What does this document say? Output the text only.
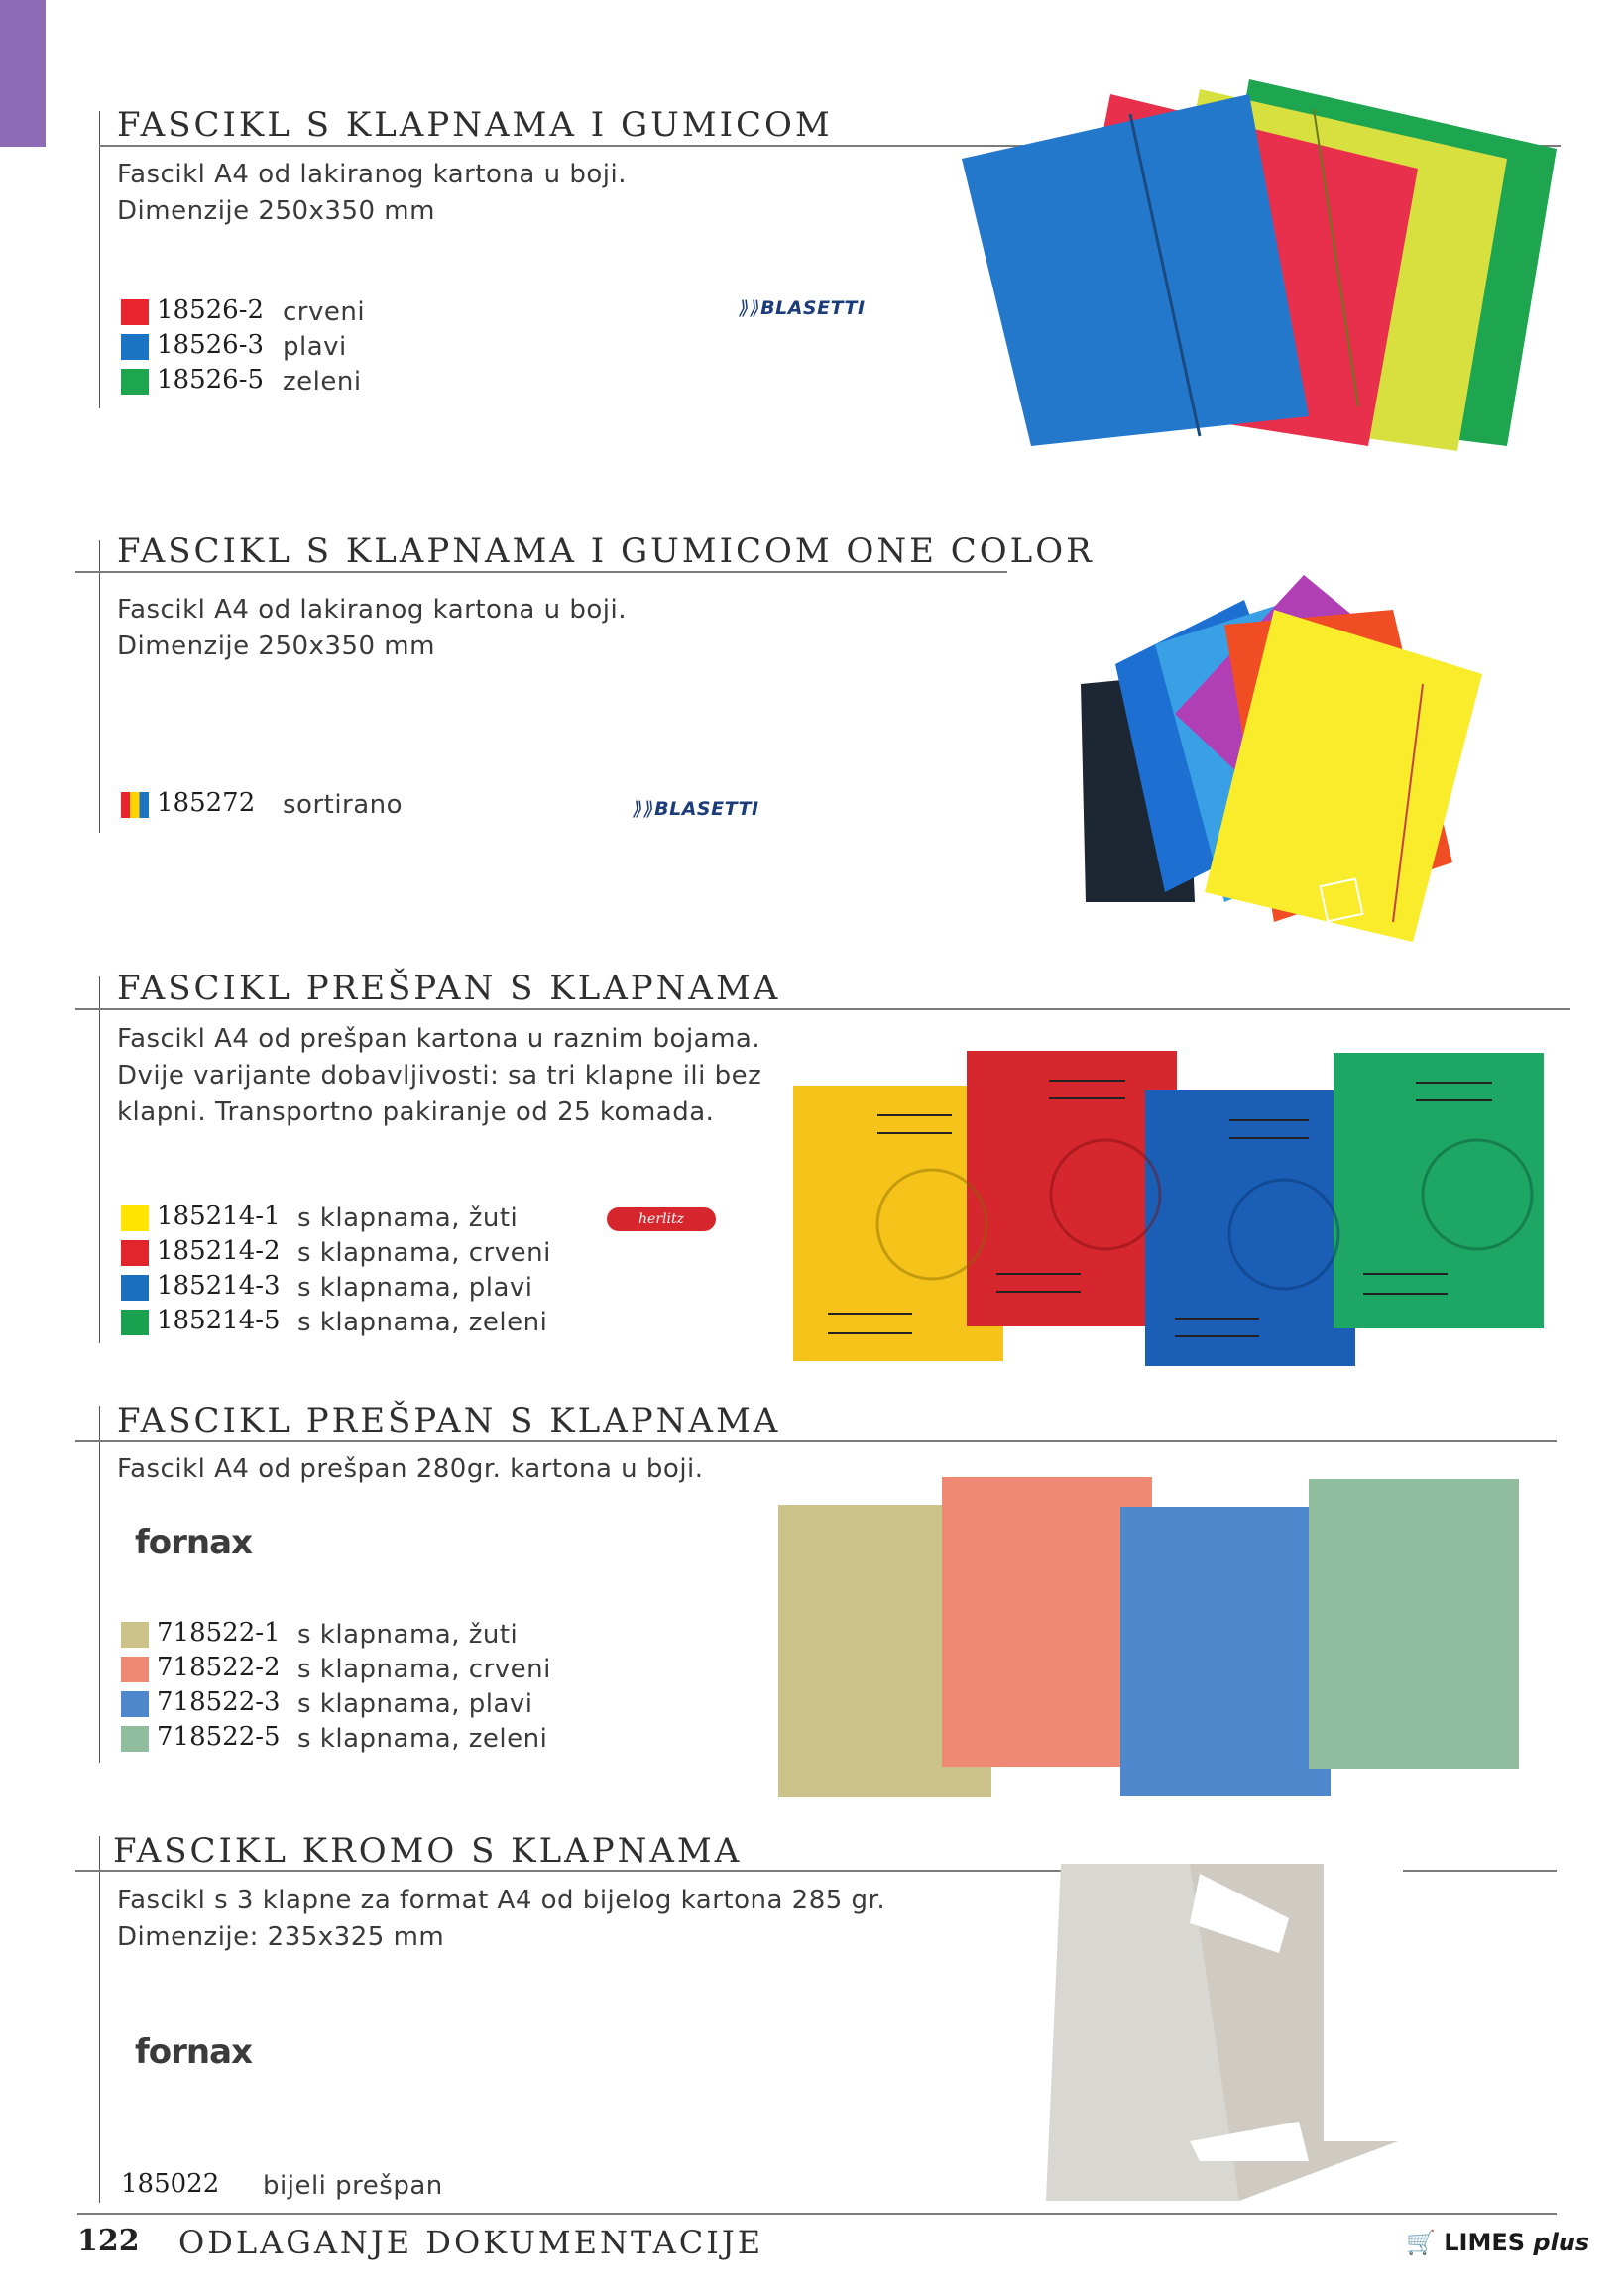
FASCIKL S KLAPNAMA I GUMICOM
Fascikl A4 od lakiranog kartona u boji.
Dimenzije 250x350 mm
18526-2 crveni
18526-3 plavi
18526-5 zeleni
⟫⟫BLASETTI
FASCIKL S KLAPNAMA I GUMICOM ONE COLOR
Fascikl A4 od lakiranog kartona u boji.
Dimenzije 250x350 mm
185272 sortirano	⟫⟫BLASETTI
FASCIKL PREŠPAN S KLAPNAMA
Fascikl A4 od prešpan kartona u raznim bojama.
Dvije varijante dobavljivosti: sa tri klapne ili bez
klapni. Transportno pakiranje od 25 komada.
185214-1 s klapnama, žuti
185214-2 s klapnama, crveni
185214-3 s klapnama, plavi
185214-5 s klapnama, zeleni
herlitz
FASCIKL PREŠPAN S KLAPNAMA
Fascikl A4 od prešpan 280gr. kartona u boji.
fornax
718522-1 s klapnama, žuti
718522-2 s klapnama, crveni
718522-3 s klapnama, plavi
718522-5 s klapnama, zeleni
FASCIKL KROMO S KLAPNAMA
Fascikl s 3 klapne za format A4 od bijelog kartona 285 gr.
Dimenzije: 235x325 mm
fornax
185022 bijeli prešpan
122 ODLAGANJE DOKUMENTACIJE	🛒 LIMES plus
